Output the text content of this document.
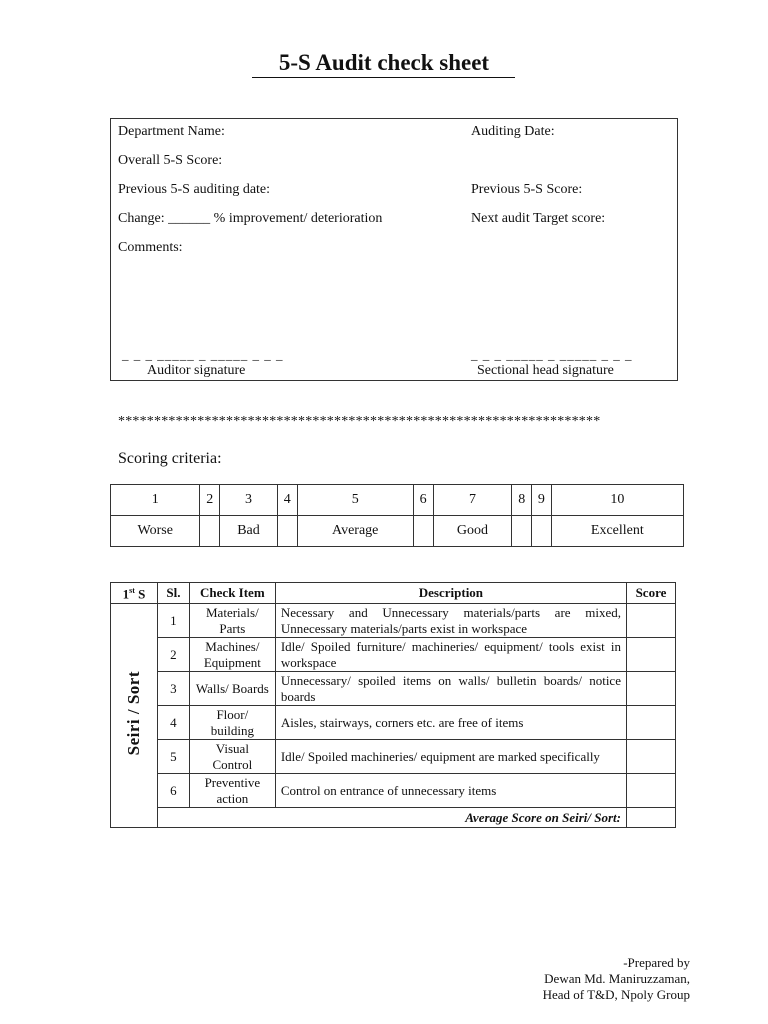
5-S Audit check sheet
Department Name:	Auditing Date:
Overall 5-S Score:
Previous 5-S auditing date:	Previous 5-S Score:
Change: ______ % improvement/ deterioration	Next audit Target score:
Comments:
_ _ _ _____ _ _____ _ _ _
Auditor signature
_ _ _ _____ _ _____ _ _ _
Sectional head signature
*******************************************************************
Scoring criteria:
1	2	3	4	5	6	7	8	9	10
Worse		Bad		Average		Good			Excellent
1st S	Sl.	Check Item	Description	Score
Seiri / Sort	1	Materials/ Parts	Necessary and Unnecessary materials/parts are mixed, Unnecessary materials/parts exist in workspace	
	2	Machines/ Equipment	Idle/ Spoiled furniture/ machineries/ equipment/ tools exist in workspace	
	3	Walls/ Boards	Unnecessary/ spoiled items on walls/ bulletin boards/ notice boards	
	4	Floor/ building	Aisles, stairways, corners etc. are free of items	
	5	Visual Control	Idle/ Spoiled machineries/ equipment are marked specifically	
	6	Preventive action	Control on entrance of unnecessary items	
	Average Score on Seiri/ Sort:			
-Prepared by
Dewan Md. Maniruzzaman,
Head of T&D, Npoly Group
